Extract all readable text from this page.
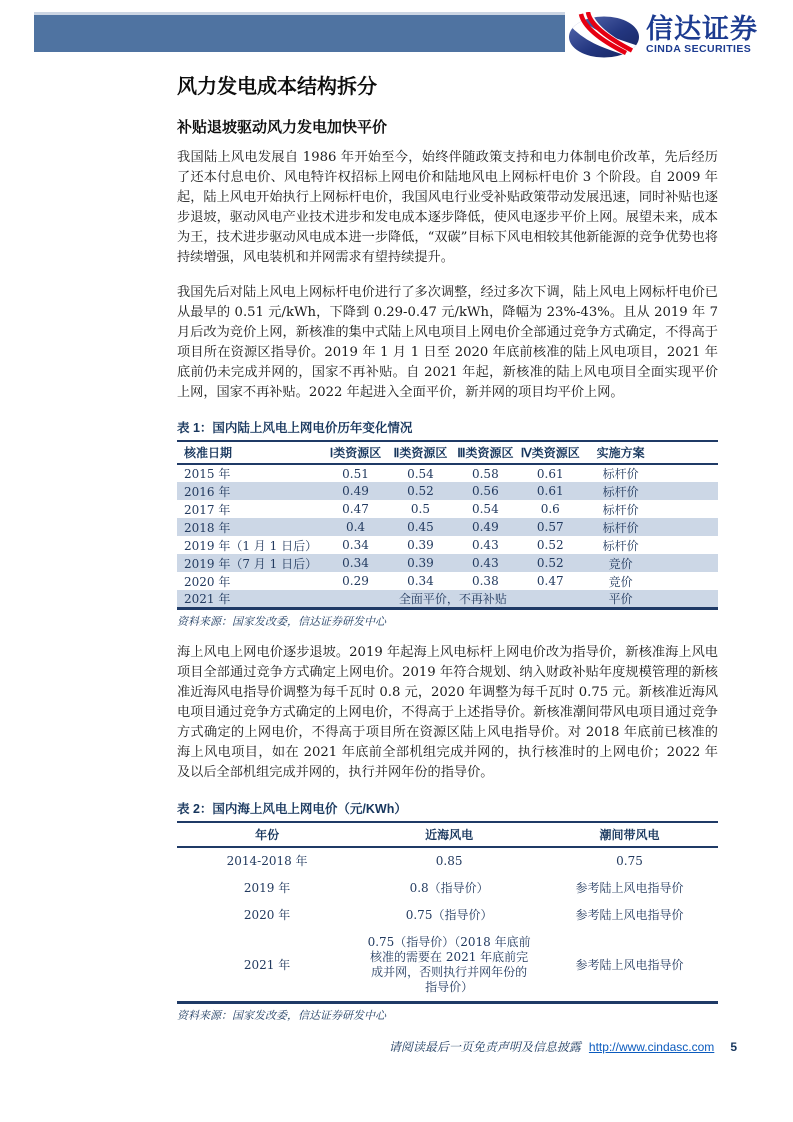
信达证券
CINDA SECURITIES
风力发电成本结构拆分
补贴退坡驱动风力发电加快平价

我国陆上风电发展自 1986 年开始至今，始终伴随政策支持和电力体制电价改革，先后经历了还本付息电价、风电特许权招标上网电价和陆地风电上网标杆电价 3 个阶段。自 2009 年起，陆上风电开始执行上网标杆电价，我国风电行业受补贴政策带动发展迅速，同时补贴也逐步退坡，驱动风电产业技术进步和发电成本逐步降低，使风电逐步平价上网。展望未来，成本为王，技术进步驱动风电成本进一步降低，“双碳”目标下风电相较其他新能源的竞争优势也将持续增强，风电装机和并网需求有望持续提升。

我国先后对陆上风电上网标杆电价进行了多次调整，经过多次下调，陆上风电上网标杆电价已从最早的 0.51 元/kWh，下降到 0.29-0.47 元/kWh，降幅为 23%-43%。且从 2019 年 7 月后改为竞价上网，新核准的集中式陆上风电项目上网电价全部通过竞争方式确定，不得高于项目所在资源区指导价。2019 年 1 月 1 日至 2020 年底前核准的陆上风电项目，2021 年底前仍未完成并网的，国家不再补贴。自 2021 年起，新核准的陆上风电项目全面实现平价上网，国家不再补贴。2022 年起进入全面平价，新并网的项目均平价上网。

表 1：国内陆上风电上网电价历年变化情况
核准日期	Ⅰ类资源区	Ⅱ类资源区	Ⅲ类资源区	Ⅳ类资源区	实施方案	
2015 年	0.51	0.54	0.58	0.61	标杆价	
2016 年	0.49	0.52	0.56	0.61	标杆价	
2017 年	0.47	0.5	0.54	0.6	标杆价	
2018 年	0.4	0.45	0.49	0.57	标杆价	
2019 年（1 月 1 日后）	0.34	0.39	0.43	0.52	标杆价	
2019 年（7 月 1 日后）	0.34	0.39	0.43	0.52	竞价	
2020 年	0.29	0.34	0.38	0.47	竞价	
2021 年	全面平价，不再补贴				平价	
资料来源：国家发改委，信达证券研发中心

海上风电上网电价逐步退坡。2019 年起海上风电标杆上网电价改为指导价，新核准海上风电项目全部通过竞争方式确定上网电价。2019 年符合规划、纳入财政补贴年度规模管理的新核准近海风电指导价调整为每千瓦时 0.8 元，2020 年调整为每千瓦时 0.75 元。新核准近海风电项目通过竞争方式确定的上网电价，不得高于上述指导价。新核准潮间带风电项目通过竞争方式确定的上网电价，不得高于项目所在资源区陆上风电指导价。对 2018 年底前已核准的海上风电项目，如在 2021 年底前全部机组完成并网的，执行核准时的上网电价；2022 年及以后全部机组完成并网的，执行并网年份的指导价。

表 2：国内海上风电上网电价（元/KWh）
年份	近海风电	潮间带风电
2014-2018 年	0.85	0.75
2019 年	0.8（指导价）	参考陆上风电指导价
2020 年	0.75（指导价）	参考陆上风电指导价
2021 年	0.75（指导价）（2018 年底前核准的需要在 2021 年底前完成并网，否则执行并网年份的指导价）	参考陆上风电指导价
资料来源：国家发改委，信达证券研发中心
请阅读最后一页免责声明及信息披露 http://www.cindasc.com 5
